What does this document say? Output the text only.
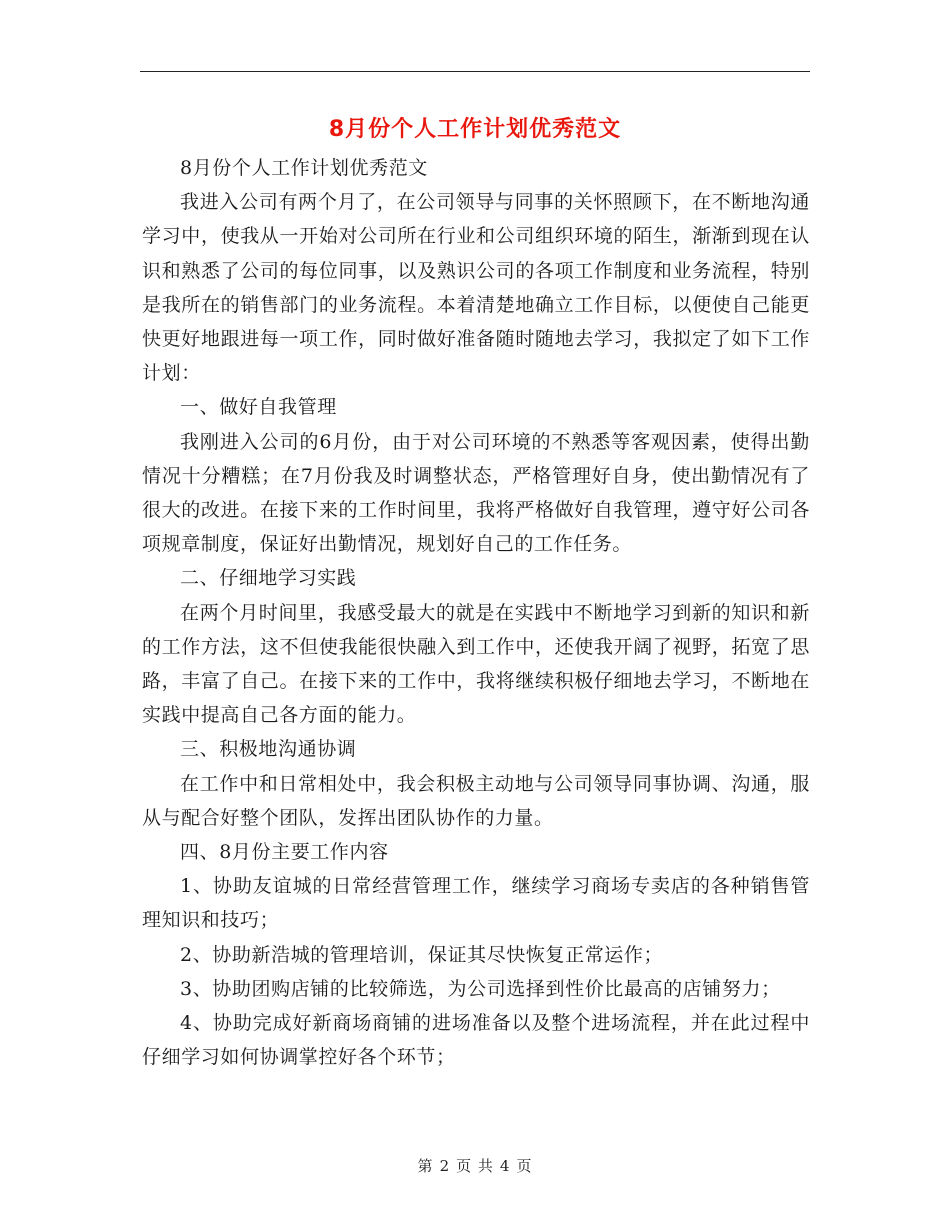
8月份个人工作计划优秀范文

8月份个人工作计划优秀范文

我进入公司有两个月了，在公司领导与同事的关怀照顾下，在不断地沟通学习中，使我从一开始对公司所在行业和公司组织环境的陌生，渐渐到现在认识和熟悉了公司的每位同事，以及熟识公司的各项工作制度和业务流程，特别是我所在的销售部门的业务流程。本着清楚地确立工作目标，以便使自己能更快更好地跟进每一项工作，同时做好准备随时随地去学习，我拟定了如下工作计划：

一、做好自我管理

我刚进入公司的6月份，由于对公司环境的不熟悉等客观因素，使得出勤情况十分糟糕；在7月份我及时调整状态，严格管理好自身，使出勤情况有了很大的改进。在接下来的工作时间里，我将严格做好自我管理，遵守好公司各项规章制度，保证好出勤情况，规划好自己的工作任务。

二、仔细地学习实践

在两个月时间里，我感受最大的就是在实践中不断地学习到新的知识和新的工作方法，这不但使我能很快融入到工作中，还使我开阔了视野，拓宽了思路，丰富了自己。在接下来的工作中，我将继续积极仔细地去学习，不断地在实践中提高自己各方面的能力。

三、积极地沟通协调

在工作中和日常相处中，我会积极主动地与公司领导同事协调、沟通，服从与配合好整个团队，发挥出团队协作的力量。

四、8月份主要工作内容

1、协助友谊城的日常经营管理工作，继续学习商场专卖店的各种销售管理知识和技巧；

2、协助新浩城的管理培训，保证其尽快恢复正常运作；

3、协助团购店铺的比较筛选，为公司选择到性价比最高的店铺努力；

4、协助完成好新商场商铺的进场准备以及整个进场流程，并在此过程中仔细学习如何协调掌控好各个环节；

第 2 页 共 4 页
